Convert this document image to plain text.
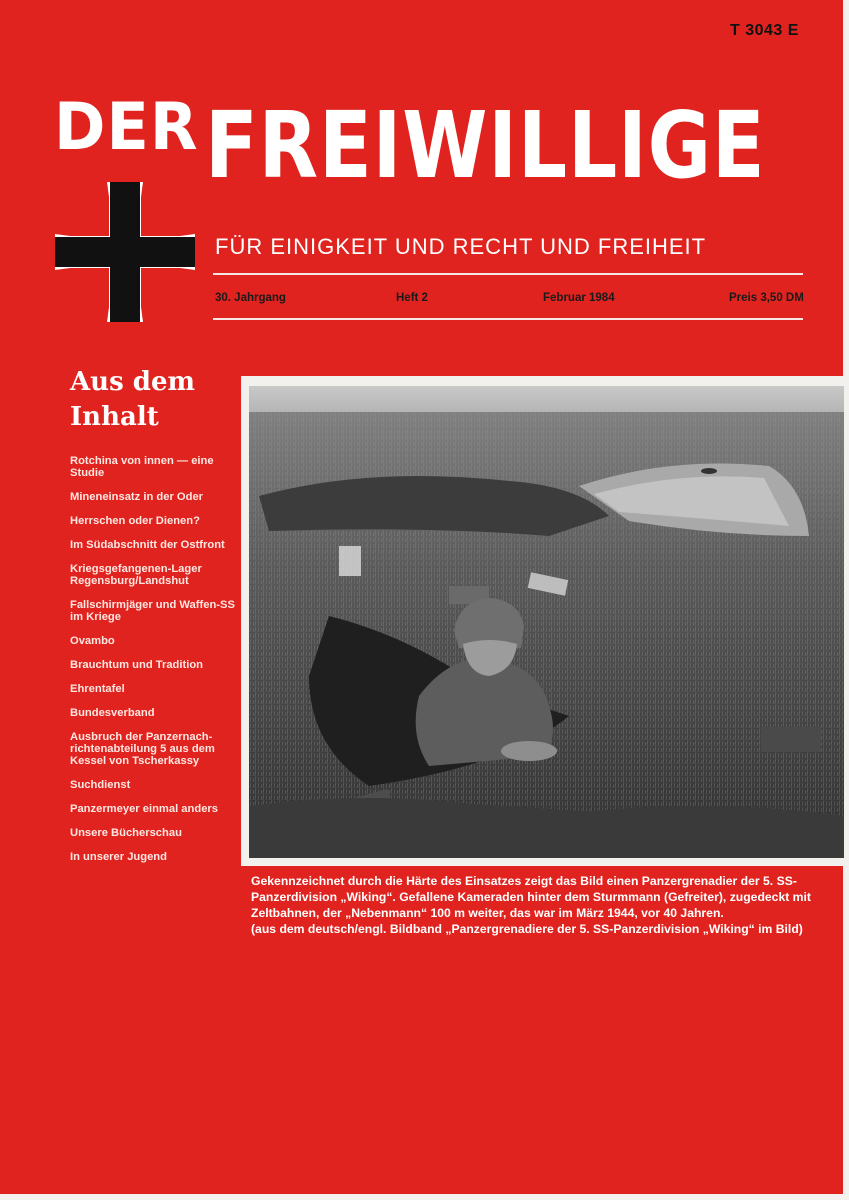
T 3043 E
DER FREIWILLIGE
FÜR EINIGKEIT UND RECHT UND FREIHEIT
30. Jahrgang	Heft 2	Februar 1984	Preis 3,50 DM
Aus dem Inhalt
Rotchina von innen — eine Studie
Mineneinsatz in der Oder
Herrschen oder Dienen?
Im Südabschnitt der Ostfront
Kriegsgefangenen-Lager Regensburg/Landshut
Fallschirmjäger und Waffen-SS im Kriege
Ovambo
Brauchtum und Tradition
Ehrentafel
Bundesverband
Ausbruch der Panzernach-richtenabteilung 5 aus dem Kessel von Tscherkassy
Suchdienst
Panzermeyer einmal anders
Unsere Bücherschau
In unserer Jugend

Gekennzeichnet durch die Härte des Einsatzes zeigt das Bild einen Panzergrenadier der 5. SS-Panzerdivision „Wiking“. Gefallene Kameraden hinter dem Sturmmann (Gefreiter), zugedeckt mit Zeltbahnen, der „Nebenmann“ 100 m weiter, das war im März 1944, vor 40 Jahren.

(aus dem deutsch/engl. Bildband „Panzergrenadiere der 5. SS-Panzerdivision „Wiking“ im Bild)
